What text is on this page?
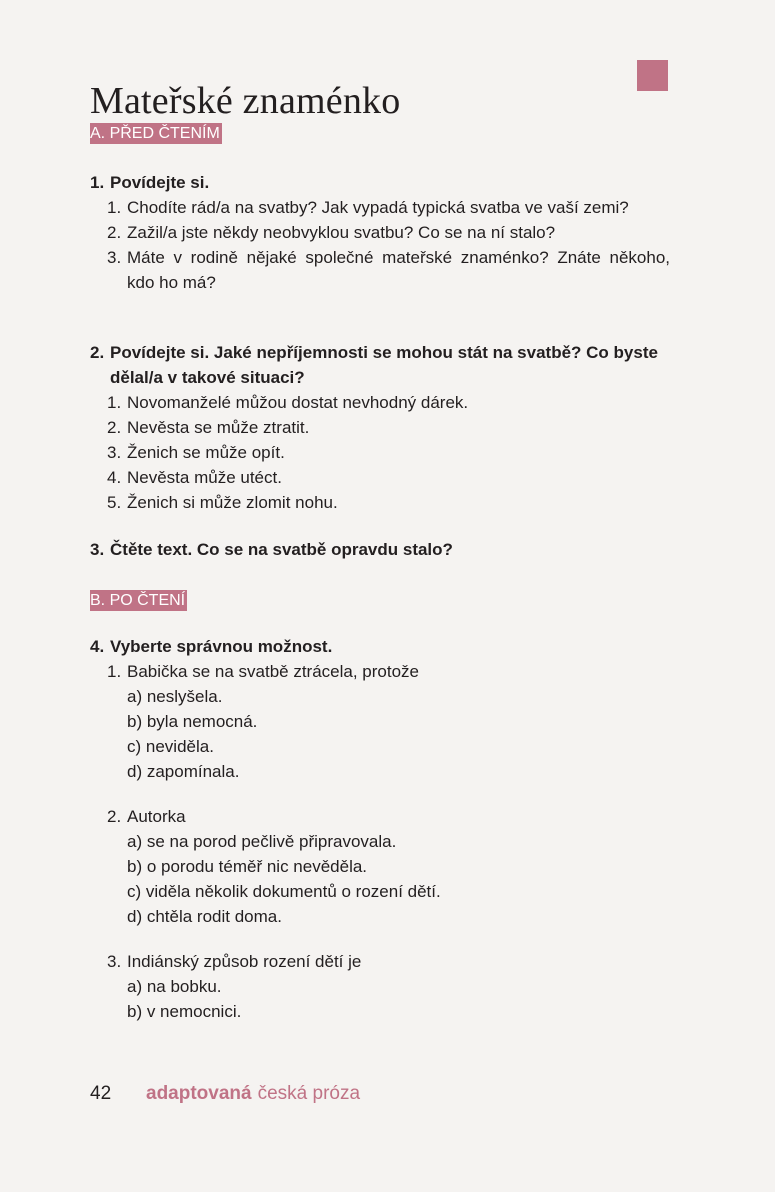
Mateřské znaménko
A. PŘED ČTENÍM
1. Povídejte si.
1. Chodíte rád/a na svatby? Jak vypadá typická svatba ve vaší zemi?
2. Zažil/a jste někdy neobvyklou svatbu? Co se na ní stalo?
3. Máte v rodině nějaké společné mateřské znaménko? Znáte někoho, kdo ho má?
2. Povídejte si. Jaké nepříjemnosti se mohou stát na svatbě? Co byste dělal/a v takové situaci?
1. Novomanželé můžou dostat nevhodný dárek.
2. Nevěsta se může ztratit.
3. Ženich se může opít.
4. Nevěsta může utéct.
5. Ženich si může zlomit nohu.
3. Čtěte text. Co se na svatbě opravdu stalo?
B. PO ČTENÍ
4. Vyberte správnou možnost.
1. Babička se na svatbě ztrácela, protože
a) neslyšela.
b) byla nemocná.
c) neviděla.
d) zapomínala.
2. Autorka
a) se na porod pečlivě připravovala.
b) o porodu téměř nic nevěděla.
c) viděla několik dokumentů o rození dětí.
d) chtěla rodit doma.
3. Indiánský způsob rození dětí je
a) na bobku.
b) v nemocnici.
42	adaptovaná česká próza
